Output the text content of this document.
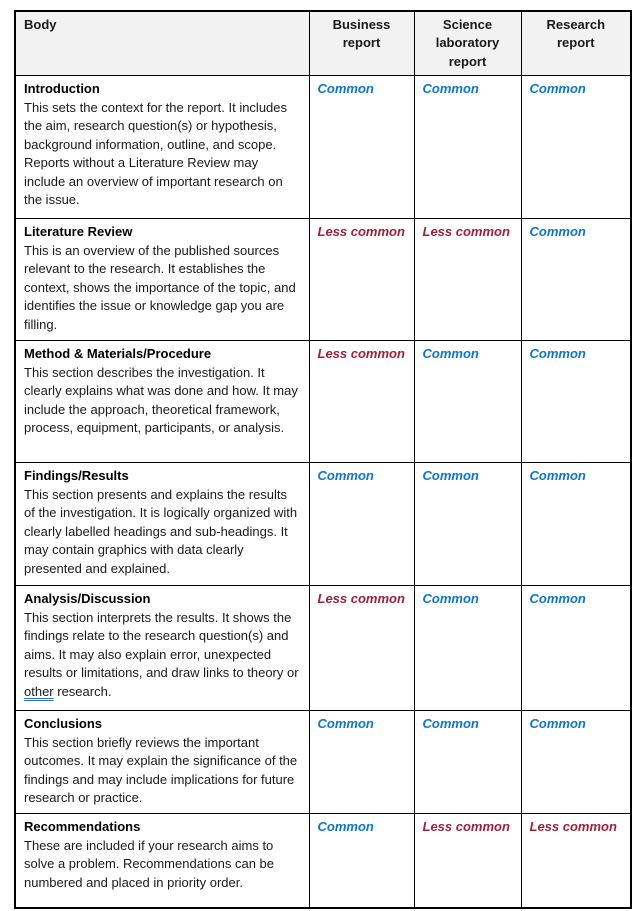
Body	Business report	Science laboratory report	Research report

Introduction
This sets the context for the report. It includes the aim, research question(s) or hypothesis, background information, outline, and scope. Reports without a Literature Review may include an overview of important research on the issue.	Common	Common	Common

Literature Review
This is an overview of the published sources relevant to the research. It establishes the context, shows the importance of the topic, and identifies the issue or knowledge gap you are filling.	Less common	Less common	Common

Method & Materials/Procedure
This section describes the investigation. It clearly explains what was done and how. It may include the approach, theoretical framework, process, equipment, participants, or analysis.	Less common	Common	Common

Findings/Results
This section presents and explains the results of the investigation. It is logically organized with clearly labelled headings and sub-headings. It may contain graphics with data clearly presented and explained.	Common	Common	Common

Analysis/Discussion
This section interprets the results. It shows the findings relate to the research question(s) and aims. It may also explain error, unexpected results or limitations, and draw links to theory or other research.	Less common	Common	Common

Conclusions
This section briefly reviews the important outcomes. It may explain the significance of the findings and may include implications for future research or practice.	Common	Common	Common

Recommendations
These are included if your research aims to solve a problem. Recommendations can be numbered and placed in priority order.	Common	Less common	Less common
